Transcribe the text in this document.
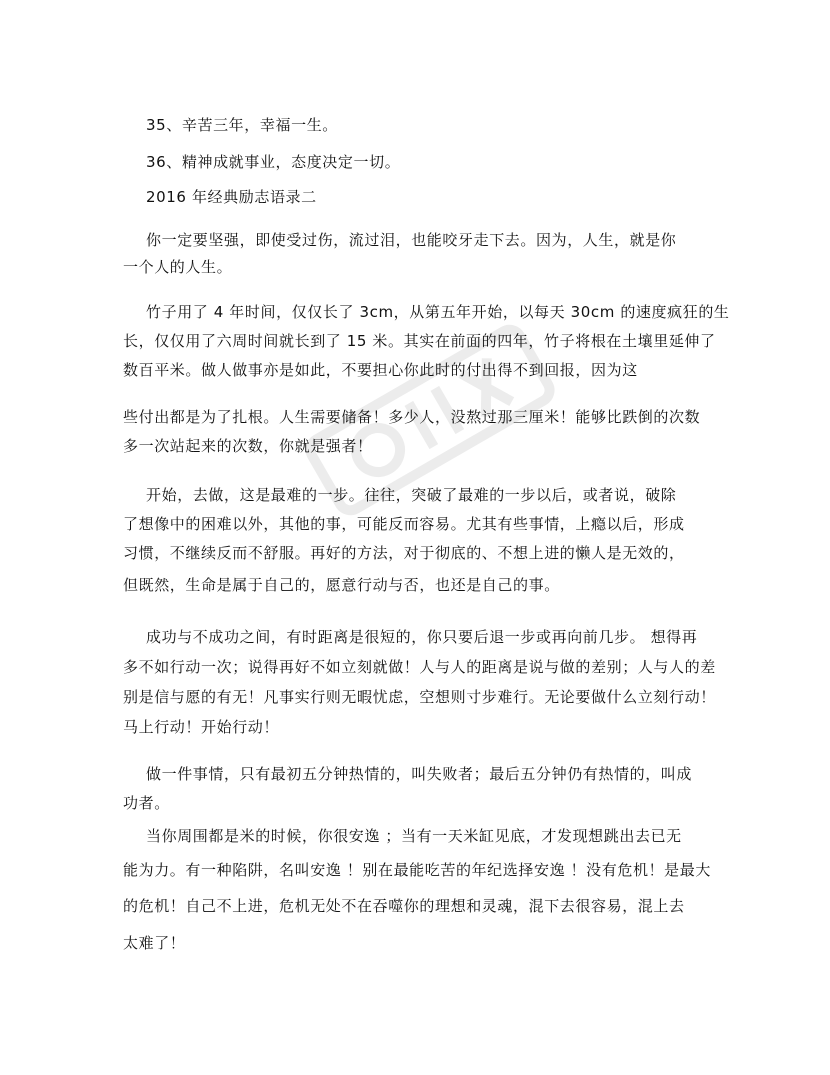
35、辛苦三年，幸福一生。
36、精神成就事业，态度决定一切。
2016 年经典励志语录二
你一定要坚强，即使受过伤，流过泪，也能咬牙走下去。因为，人生，就是你
一个人的人生。
竹子用了 4 年时间，仅仅长了 3cm，从第五年开始，以每天 30cm 的速度疯狂的生
长，仅仅用了六周时间就长到了 15 米。其实在前面的四年，竹子将根在土壤里延伸了
数百平米。做人做事亦是如此，不要担心你此时的付出得不到回报，因为这
些付出都是为了扎根。人生需要储备！多少人，没熬过那三厘米！能够比跌倒的次数
多一次站起来的次数，你就是强者！
开始，去做，这是最难的一步。往往，突破了最难的一步以后，或者说，破除
了想像中的困难以外，其他的事，可能反而容易。尤其有些事情，上瘾以后，形成
习惯，不继续反而不舒服。再好的方法，对于彻底的、不想上进的懒人是无效的，
但既然，生命是属于自己的，愿意行动与否，也还是自己的事。
成功与不成功之间，有时距离是很短的，你只要后退一步或再向前几步。 想得再
多不如行动一次；说得再好不如立刻就做！人与人的距离是说与做的差别；人与人的差
别是信与愿的有无！凡事实行则无暇忧虑，空想则寸步难行。无论要做什么立刻行动！
马上行动！开始行动！
做一件事情，只有最初五分钟热情的，叫失败者；最后五分钟仍有热情的，叫成
功者。
当你周围都是米的时候，你很安逸 ；当有一天米缸见底，才发现想跳出去已无
能为力。有一种陷阱，名叫安逸 ！别在最能吃苦的年纪选择安逸 ！没有危机！是最大
的危机！自己不上进，危机无处不在吞噬你的理想和灵魂，混下去很容易，混上去
太难了！
